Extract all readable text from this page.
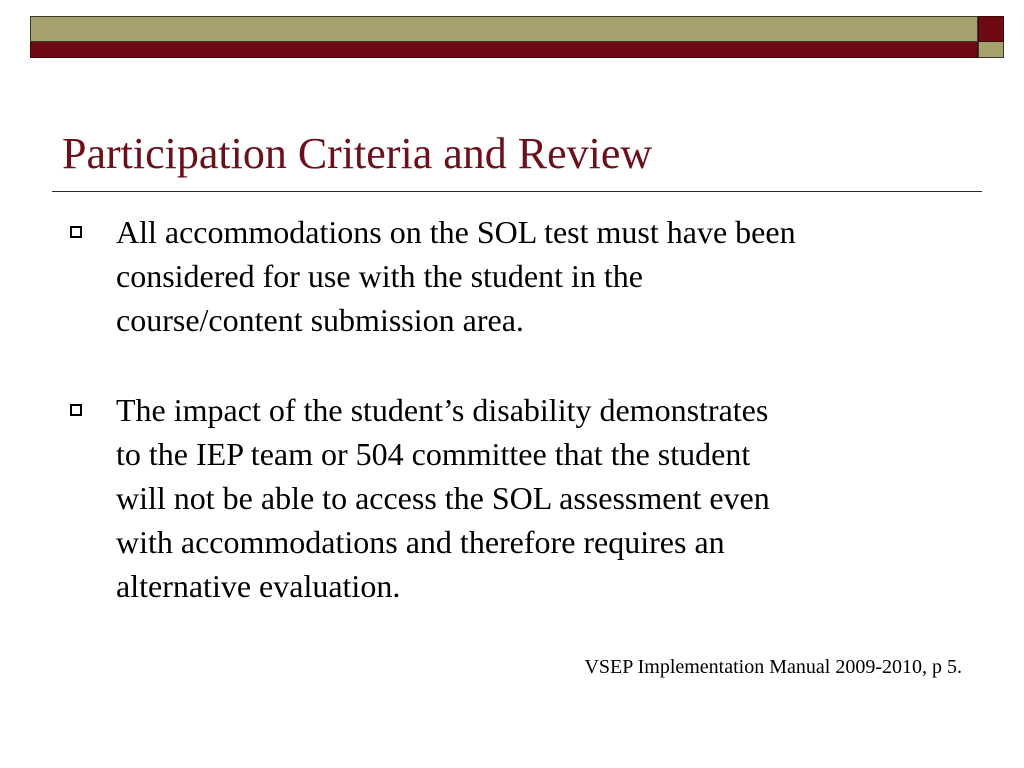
Participation Criteria and Review
All accommodations on the SOL test must have been
considered for use with the student in the
course/content submission area.
The impact of the student’s disability demonstrates
to the IEP team or 504 committee that the student
will not be able to access the SOL assessment even
with accommodations and therefore requires an
alternative evaluation.
VSEP Implementation Manual 2009-2010, p 5.
